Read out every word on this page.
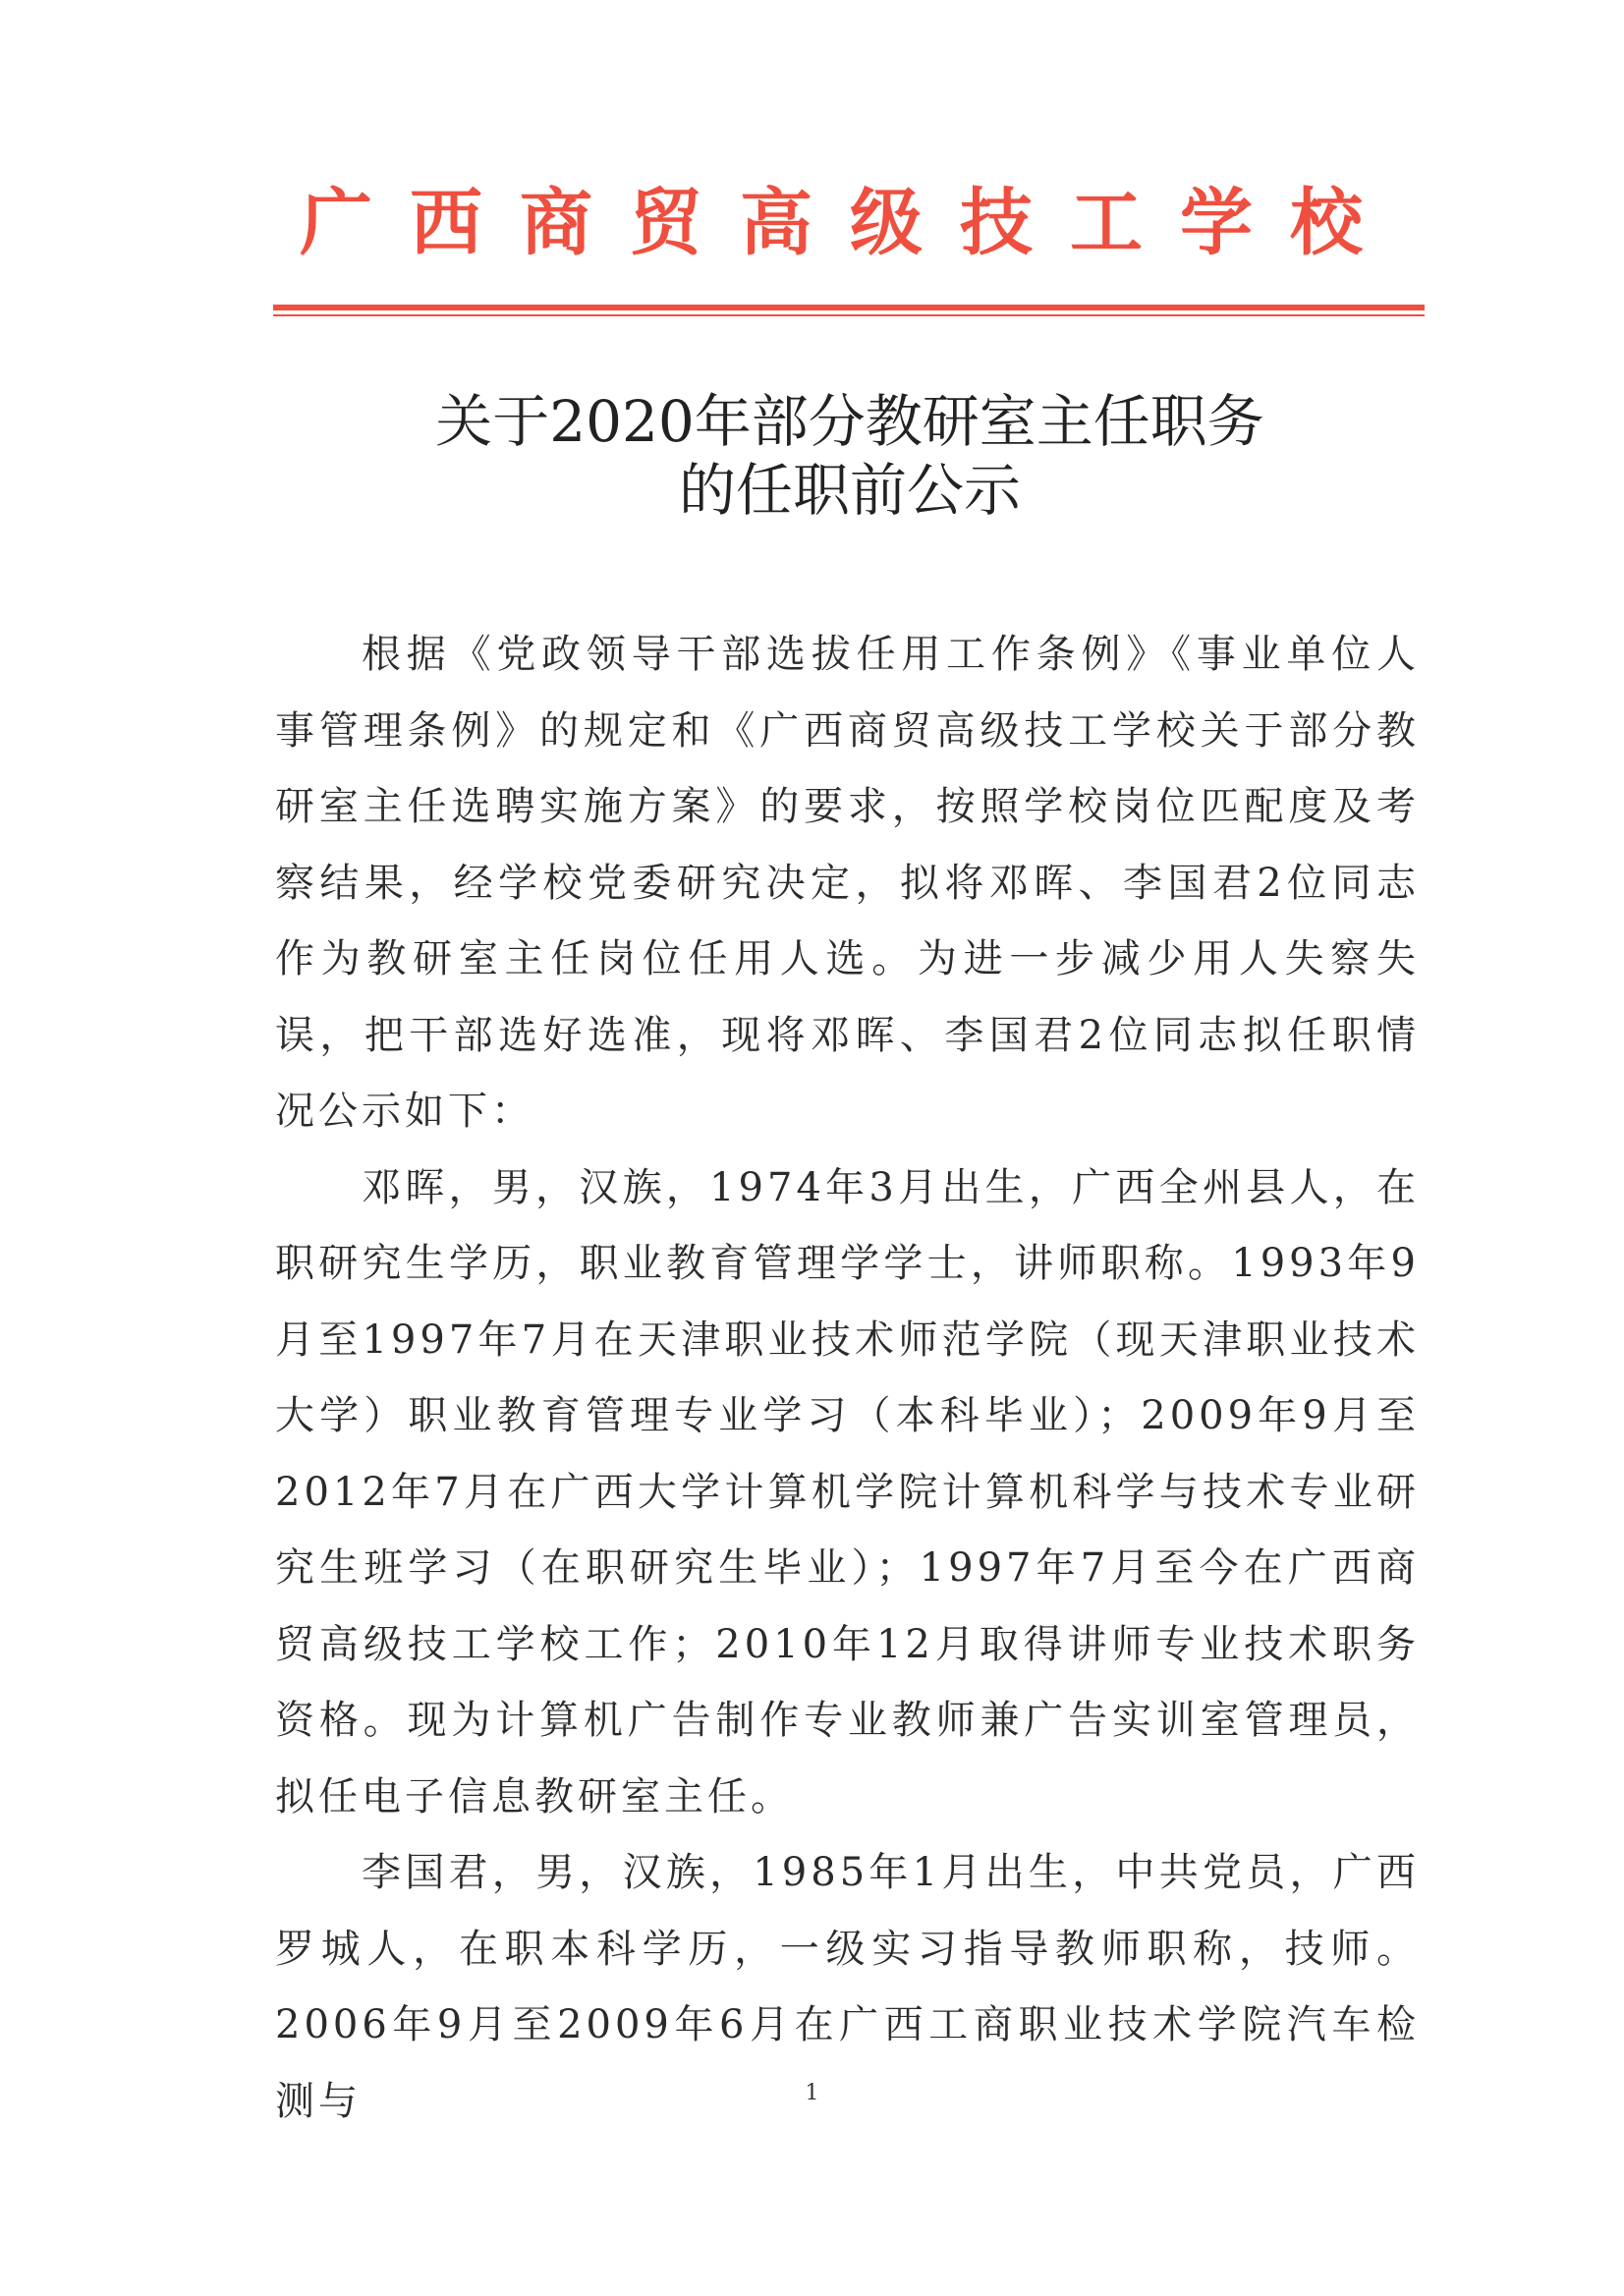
广西商贸高级技工学校
关于2020年部分教研室主任职务
的任职前公示

根据《党政领导干部选拔任用工作条例》《事业单位人事管理条例》的规定和《广西商贸高级技工学校关于部分教研室主任选聘实施方案》的要求，按照学校岗位匹配度及考察结果，经学校党委研究决定，拟将邓晖、李国君2位同志作为教研室主任岗位任用人选。为进一步减少用人失察失误，把干部选好选准，现将邓晖、李国君2位同志拟任职情况公示如下：

邓晖，男，汉族，1974年3月出生，广西全州县人，在职研究生学历，职业教育管理学学士，讲师职称。1993年9月至1997年7月在天津职业技术师范学院（现天津职业技术大学）职业教育管理专业学习（本科毕业）；2009年9月至2012年7月在广西大学计算机学院计算机科学与技术专业研究生班学习（在职研究生毕业）；1997年7月至今在广西商贸高级技工学校工作；2010年12月取得讲师专业技术职务资格。现为计算机广告制作专业教师兼广告实训室管理员，拟任电子信息教研室主任。

李国君，男，汉族，1985年1月出生，中共党员，广西罗城人，在职本科学历，一级实习指导教师职称，技师。2006年9月至2009年6月在广西工商职业技术学院汽车检测与	1
